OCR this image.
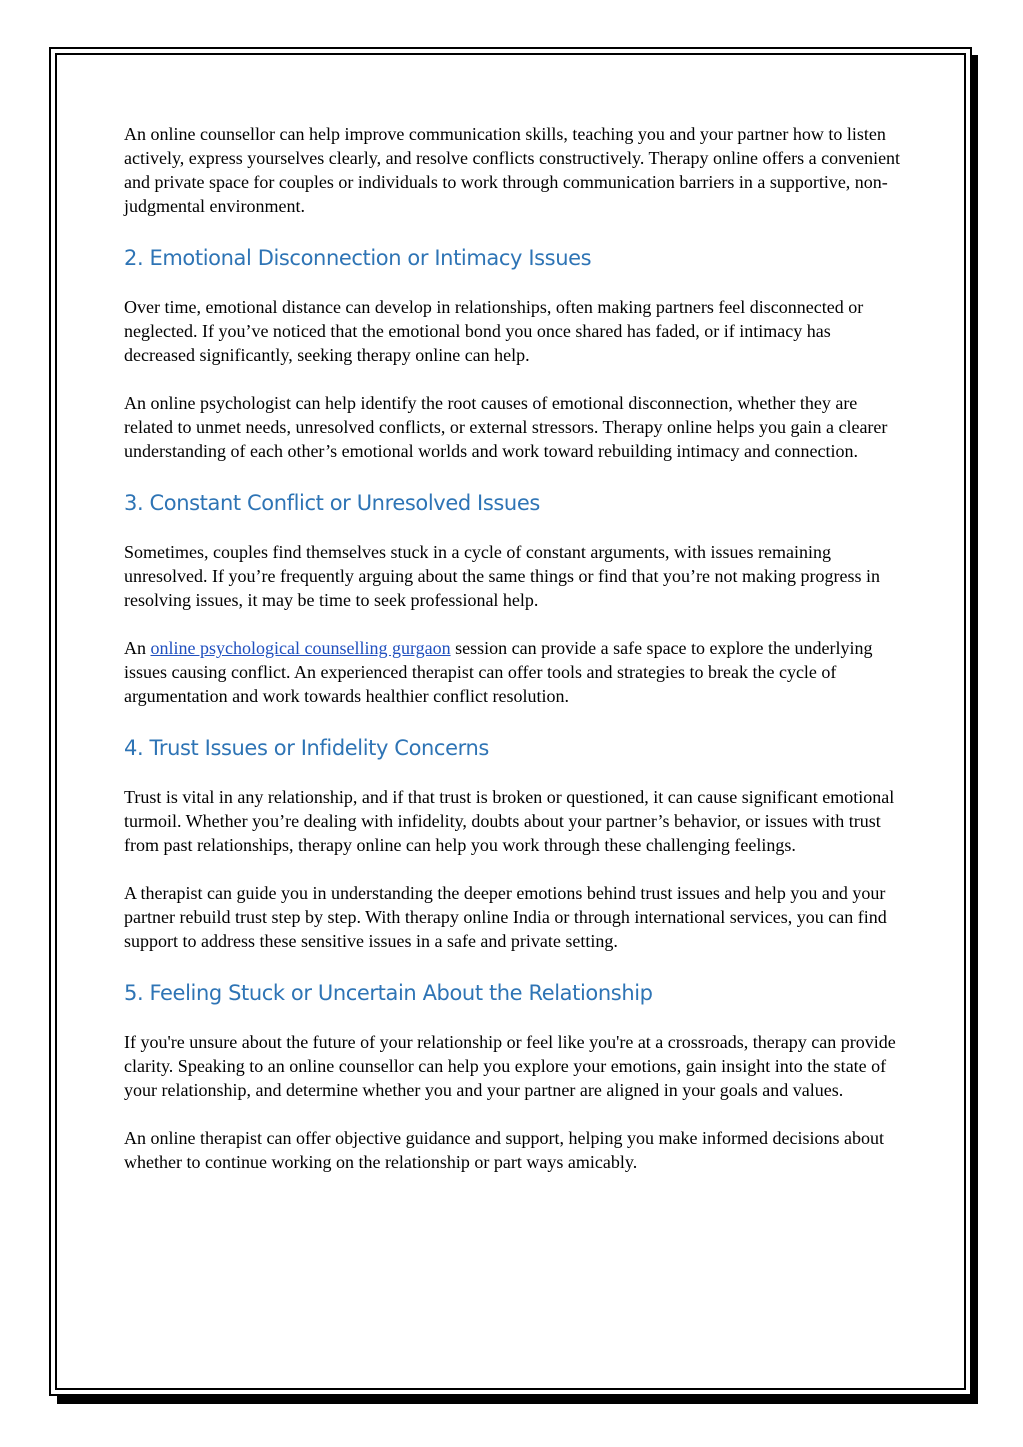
An online counsellor can help improve communication skills, teaching you and your partner how to listen actively, express yourselves clearly, and resolve conflicts constructively. Therapy online offers a convenient and private space for couples or individuals to work through communication barriers in a supportive, non-judgmental environment.

2. Emotional Disconnection or Intimacy Issues

Over time, emotional distance can develop in relationships, often making partners feel disconnected or neglected. If you’ve noticed that the emotional bond you once shared has faded, or if intimacy has decreased significantly, seeking therapy online can help.

An online psychologist can help identify the root causes of emotional disconnection, whether they are related to unmet needs, unresolved conflicts, or external stressors. Therapy online helps you gain a clearer understanding of each other’s emotional worlds and work toward rebuilding intimacy and connection.

3. Constant Conflict or Unresolved Issues

Sometimes, couples find themselves stuck in a cycle of constant arguments, with issues remaining unresolved. If you’re frequently arguing about the same things or find that you’re not making progress in resolving issues, it may be time to seek professional help.

An online psychological counselling gurgaon session can provide a safe space to explore the underlying issues causing conflict. An experienced therapist can offer tools and strategies to break the cycle of argumentation and work towards healthier conflict resolution.

4. Trust Issues or Infidelity Concerns

Trust is vital in any relationship, and if that trust is broken or questioned, it can cause significant emotional turmoil. Whether you’re dealing with infidelity, doubts about your partner’s behavior, or issues with trust from past relationships, therapy online can help you work through these challenging feelings.

A therapist can guide you in understanding the deeper emotions behind trust issues and help you and your partner rebuild trust step by step. With therapy online India or through international services, you can find support to address these sensitive issues in a safe and private setting.

5. Feeling Stuck or Uncertain About the Relationship

If you're unsure about the future of your relationship or feel like you're at a crossroads, therapy can provide clarity. Speaking to an online counsellor can help you explore your emotions, gain insight into the state of your relationship, and determine whether you and your partner are aligned in your goals and values.

An online therapist can offer objective guidance and support, helping you make informed decisions about whether to continue working on the relationship or part ways amicably.
